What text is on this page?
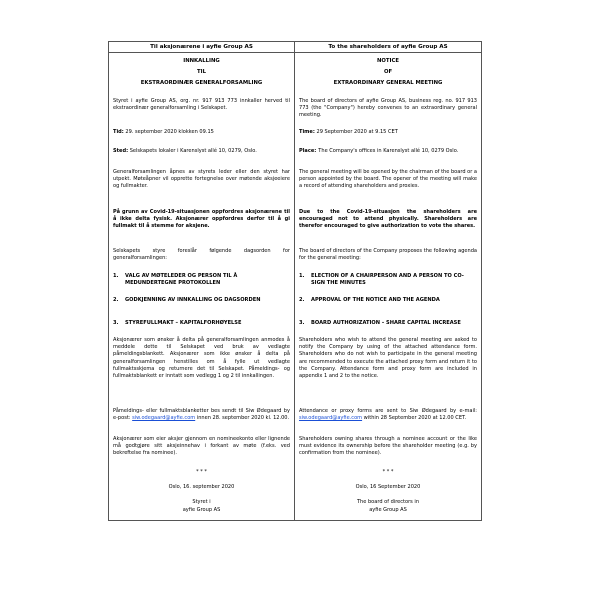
Til aksjonærene i ayfie Group AS
INNKALLING
TIL
EKSTRAORDINÆR GENERALFORSAMLING

Styret i ayfie Group AS, org. nr. 917 913 773 innkaller herved til ekstraordinær generalforsamling i Selskapet.

Tid: 29. september 2020 klokken 09.15

Sted: Selskapets lokaler i Karenslyst allé 10, 0279, Oslo.

Generalforsamlingen åpnes av styrets leder eller den styret har utpekt. Møteåpner vil opprette fortegnelse over møtende aksjeeiere og fullmakter.

På grunn av Covid-19-situasjonen oppfordres aksjonærene til å ikke delta fysisk. Aksjonærer oppfordres derfor til å gi fullmakt til å stemme for aksjene.

Selskapets styre foreslår følgende dagsorden for generalforsamlingen:

1.	VALG AV MØTELEDER OG PERSON TIL Å MEDUNDERTEGNE PROTOKOLLEN
2.	GODKJENNING AV INNKALLING OG DAGSORDEN
3.	STYREFULLMAKT – KAPITALFORHØYELSE

Aksjonærer som ønsker å delta på generalforsamlingen anmodes å meddele dette til Selskapet ved bruk av vedlagte påmeldingsblankett. Aksjonærer som ikke ønsker å delta på generalforsamlingen henstilles om å fylle ut vedlagte fullmaktsskjema og returnere det til Selskapet. Påmeldings- og fullmaktsblankett er inntatt som vedlegg 1 og 2 til innkallingen.

Påmeldings- eller fullmaktsblanketter bes sendt til Siw Ødegaard by e-post: siw.odegaard@ayfie.com innen 28. september 2020 kl. 12.00.

Aksjonærer som eier aksjer gjennom en nomineekonto eller lignende må godtgjøre sitt aksjeinnehav i forkant av møte (f.eks. ved bekreftelse fra nominee).

* * *
Oslo, 16. september 2020
Styret i
ayfie Group AS
To the shareholders of ayfie Group AS
NOTICE
OF
EXTRAORDINARY GENERAL MEETING

The board of directors of ayfie Group AS, business reg. no. 917 913 773 (the "Company") hereby convenes to an extraordinary general meeting.

Time: 29 September 2020 at 9.15 CET

Place: The Company's offices in Karenslyst allé 10, 0279 Oslo.

The general meeting will be opened by the chairman of the board or a person appointed by the board. The opener of the meeting will make a record of attending shareholders and proxies.

Due to the Covid-19-situasjon the shareholders are encouraged not to attend physically. Shareholders are therefor encouraged to give authorization to vote the shares.

The board of directors of the Company proposes the following agenda for the general meeting:

1.	ELECTION OF A CHAIRPERSON AND A PERSON TO CO-SIGN THE MINUTES
2.	APPROVAL OF THE NOTICE AND THE AGENDA
3.	BOARD AUTHORIZATION – SHARE CAPITAL INCREASE

Shareholders who wish to attend the general meeting are asked to notify the Company by using of the attached attendance form. Shareholders who do not wish to participate in the general meeting are recommended to execute the attached proxy form and return it to the Company. Attendance form and proxy form are included in appendix 1 and 2 to the notice.

Attendance or proxy forms are sent to Siw Ødegaard by e-mail: siw.odegaard@ayfie.com within 28 September 2020 at 12.00 CET.

Shareholders owning shares through a nominee account or the like must evidence its ownership before the shareholder meeting (e.g. by confirmation from the nominee).

* * *
Oslo, 16 September 2020
The board of directors in
ayfie Group AS
